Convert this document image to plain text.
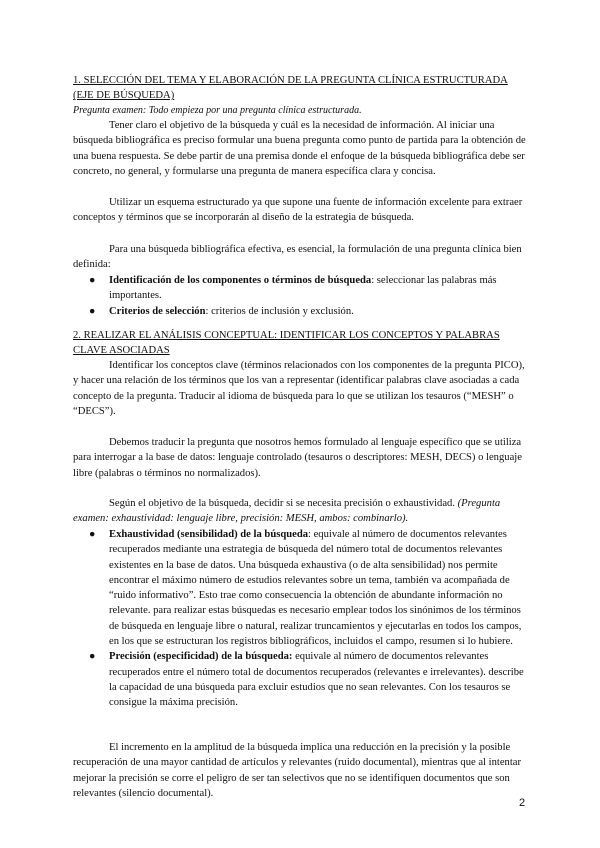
1. SELECCIÓN DEL TEMA Y ELABORACIÓN DE LA PREGUNTA CLÍNICA ESTRUCTURADA (EJE DE BÚSQUEDA)
Pregunta examen: Todo empieza por una pregunta clínica estructurada.
Tener claro el objetivo de la búsqueda y cuál es la necesidad de información. Al iniciar una búsqueda bibliográfica es preciso formular una buena pregunta como punto de partida para la obtención de una buena respuesta. Se debe partir de una premisa donde el enfoque de la búsqueda bibliográfica debe ser concreto, no general, y formularse una pregunta de manera específica clara y concisa.
Utilizar un esquema estructurado ya que supone una fuente de información excelente para extraer conceptos y términos que se incorporarán al diseño de la estrategia de búsqueda.
Para una búsqueda bibliográfica efectiva, es esencial, la formulación de una pregunta clínica bien definida:
● Identificación de los componentes o términos de búsqueda: seleccionar las palabras más importantes.
● Criterios de selección: criterios de inclusión y exclusión.
2. REALIZAR EL ANÁLISIS CONCEPTUAL: IDENTIFICAR LOS CONCEPTOS Y PALABRAS CLAVE ASOCIADAS
Identificar los conceptos clave (términos relacionados con los componentes de la pregunta PICO), y hacer una relación de los términos que los van a representar (identificar palabras clave asociadas a cada concepto de la pregunta. Traducir al idioma de búsqueda para lo que se utilizan los tesauros (“MESH” o “DECS”).
Debemos traducir la pregunta que nosotros hemos formulado al lenguaje específico que se utiliza para interrogar a la base de datos: lenguaje controlado (tesauros o descriptores: MESH, DECS) o lenguaje libre (palabras o términos no normalizados).
Según el objetivo de la búsqueda, decidir si se necesita precisión o exhaustividad. (Pregunta examen: exhaustividad: lenguaje libre, precisión: MESH, ambos: combinarlo).
● Exhaustividad (sensibilidad) de la búsqueda: equivale al número de documentos relevantes recuperados mediante una estrategia de búsqueda del número total de documentos relevantes existentes en la base de datos. Una búsqueda exhaustiva (o de alta sensibilidad) nos permite encontrar el máximo número de estudios relevantes sobre un tema, también va acompañada de “ruido informativo”. Esto trae como consecuencia la obtención de abundante información no relevante. para realizar estas búsquedas es necesario emplear todos los sinónimos de los términos de búsqueda en lenguaje libre o natural, realizar truncamientos y ejecutarlas en todos los campos, en los que se estructuran los registros bibliográficos, incluidos el campo, resumen si lo hubiere.
● Precisión (especificidad) de la búsqueda: equivale al número de documentos relevantes recuperados entre el número total de documentos recuperados (relevantes e irrelevantes). describe la capacidad de una búsqueda para excluir estudios que no sean relevantes. Con los tesauros se consigue la máxima precisión.
El incremento en la amplitud de la búsqueda implica una reducción en la precisión y la posible recuperación de una mayor cantidad de artículos y relevantes (ruido documental), mientras que al intentar mejorar la precisión se corre el peligro de ser tan selectivos que no se identifiquen documentos que son relevantes (silencio documental).
2
